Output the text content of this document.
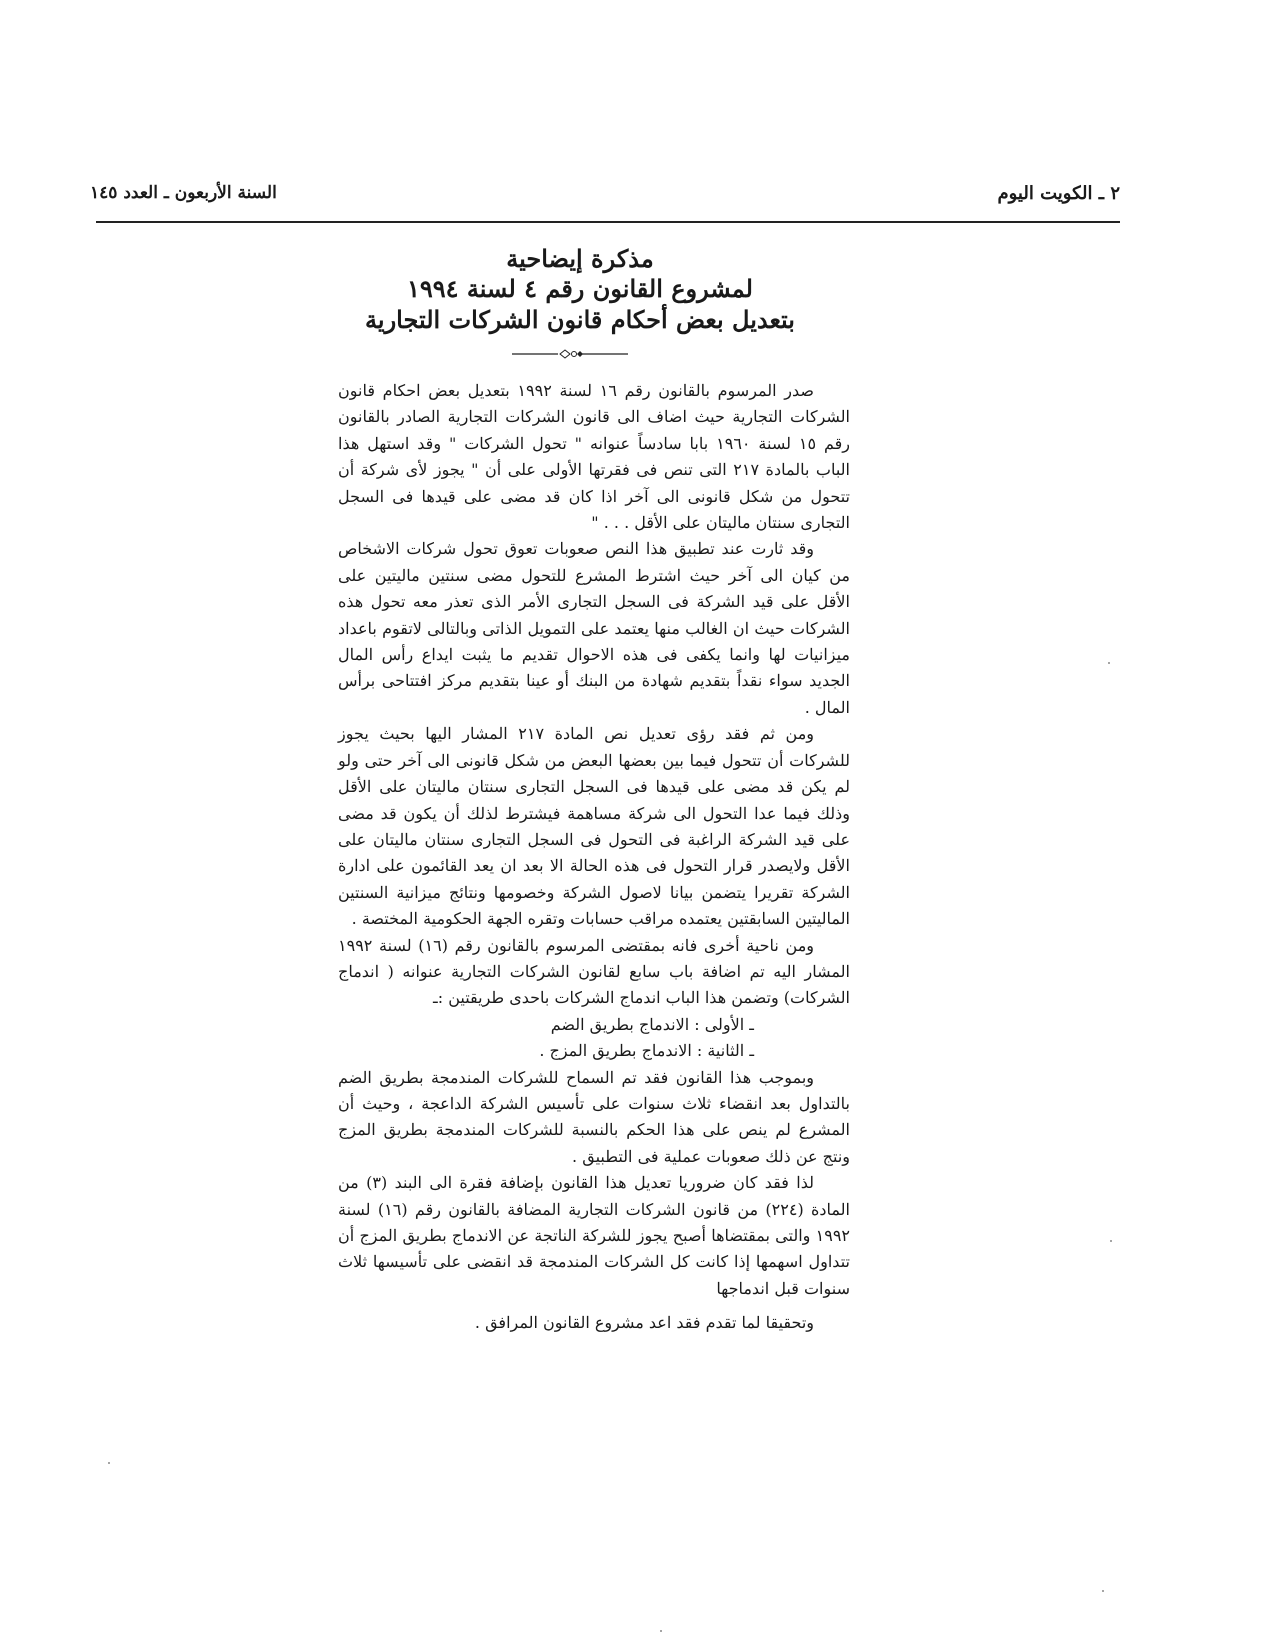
٢ ـ الكويت اليوم
السنة الأربعون ـ العدد ١٤٥
مذكرة إيضاحية
لمشروع القانون رقم ٤ لسنة ١٩٩٤
بتعديل بعض أحكام قانون الشركات التجارية

صدر المرسوم بالقانون رقم ١٦ لسنة ١٩٩٢ بتعديل بعض احكام قانون الشركات التجارية حيث اضاف الى قانون الشركات التجارية الصادر بالقانون رقم ١٥ لسنة ١٩٦٠ بابا سادساً عنوانه " تحول الشركات " وقد استهل هذا الباب بالمادة ٢١٧ التى تنص فى فقرتها الأولى على أن " يجوز لأى شركة أن تتحول من شكل قانونى الى آخر اذا كان قد مضى على قيدها فى السجل التجارى سنتان ماليتان على الأقل . . . "

وقد ثارت عند تطبيق هذا النص صعوبات تعوق تحول شركات الاشخاص من كيان الى آخر حيث اشترط المشرع للتحول مضى سنتين ماليتين على الأقل على قيد الشركة فى السجل التجارى الأمر الذى تعذر معه تحول هذه الشركات حيث ان الغالب منها يعتمد على التمويل الذاتى وبالتالى لاتقوم باعداد ميزانيات لها وانما يكفى فى هذه الاحوال تقديم ما يثبت ايداع رأس المال الجديد سواء نقداً بتقديم شهادة من البنك أو عينا بتقديم مركز افتتاحى برأس المال .

ومن ثم فقد رؤى تعديل نص المادة ٢١٧ المشار اليها بحيث يجوز للشركات أن تتحول فيما بين بعضها البعض من شكل قانونى الى آخر حتى ولو لم يكن قد مضى على قيدها فى السجل التجارى سنتان ماليتان على الأقل وذلك فيما عدا التحول الى شركة مساهمة فيشترط لذلك أن يكون قد مضى على قيد الشركة الراغبة فى التحول فى السجل التجارى سنتان ماليتان على الأقل ولايصدر قرار التحول فى هذه الحالة الا بعد ان يعد القائمون على ادارة الشركة تقريرا يتضمن بيانا لاصول الشركة وخصومها ونتائج ميزانية السنتين الماليتين السابقتين يعتمده مراقب حسابات وتقره الجهة الحكومية المختصة .

ومن ناحية أخرى فانه بمقتضى المرسوم بالقانون رقم (١٦) لسنة ١٩٩٢ المشار اليه تم اضافة باب سابع لقانون الشركات التجارية عنوانه ( اندماج الشركات) وتضمن هذا الباب اندماج الشركات باحدى طريقتين :ـ

ـ الأولى : الاندماج بطريق الضم

ـ الثانية : الاندماج بطريق المزج .

وبموجب هذا القانون فقد تم السماح للشركات المندمجة بطريق الضم بالتداول بعد انقضاء ثلاث سنوات على تأسيس الشركة الداعجة ، وحيث أن المشرع لم ينص على هذا الحكم بالنسبة للشركات المندمجة بطريق المزج ونتج عن ذلك صعوبات عملية فى التطبيق .

لذا فقد كان ضروريا تعديل هذا القانون بإضافة فقرة الى البند (٣) من المادة (٢٢٤) من قانون الشركات التجارية المضافة بالقانون رقم (١٦) لسنة ١٩٩٢ والتى بمقتضاها أصبح يجوز للشركة الناتجة عن الاندماج بطريق المزج أن تتداول اسهمها إذا كانت كل الشركات المندمجة قد انقضى على تأسيسها ثلاث سنوات قبل اندماجها

وتحقيقا لما تقدم فقد اعد مشروع القانون المرافق .
